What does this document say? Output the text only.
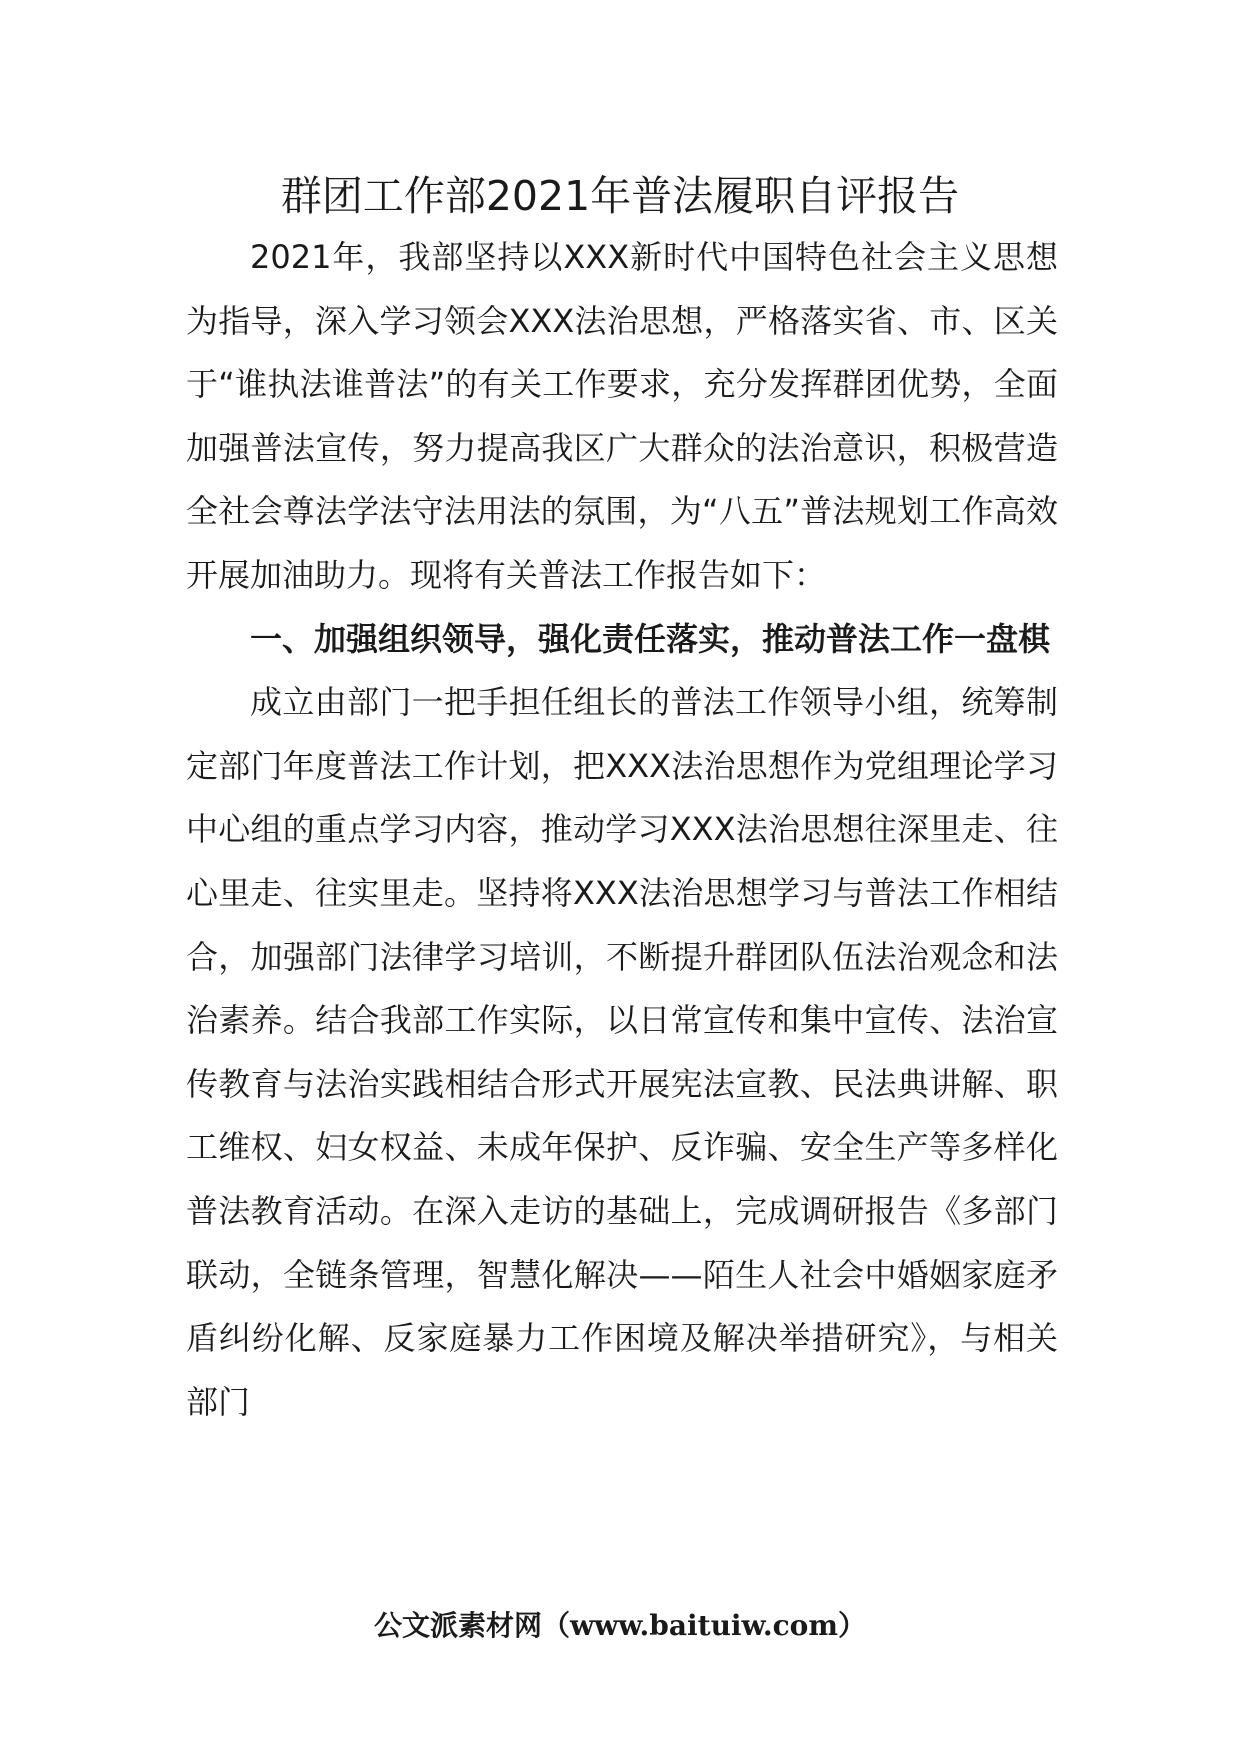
群团工作部2021年普法履职自评报告

2021年，我部坚持以XXX新时代中国特色社会主义思想为指导，深入学习领会XXX法治思想，严格落实省、市、区关于“谁执法谁普法”的有关工作要求，充分发挥群团优势，全面加强普法宣传，努力提高我区广大群众的法治意识，积极营造全社会尊法学法守法用法的氛围，为“八五”普法规划工作高效开展加油助力。现将有关普法工作报告如下：

一、加强组织领导，强化责任落实，推动普法工作一盘棋

成立由部门一把手担任组长的普法工作领导小组，统筹制定部门年度普法工作计划，把XXX法治思想作为党组理论学习中心组的重点学习内容，推动学习XXX法治思想往深里走、往心里走、往实里走。坚持将XXX法治思想学习与普法工作相结合，加强部门法律学习培训，不断提升群团队伍法治观念和法治素养。结合我部工作实际，以日常宣传和集中宣传、法治宣传教育与法治实践相结合形式开展宪法宣教、民法典讲解、职工维权、妇女权益、未成年保护、反诈骗、安全生产等多样化普法教育活动。在深入走访的基础上，完成调研报告《多部门联动，全链条管理，智慧化解决——陌生人社会中婚姻家庭矛盾纠纷化解、反家庭暴力工作困境及解决举措研究》，与相关部门

公文派素材网（www.baituiw.com）
